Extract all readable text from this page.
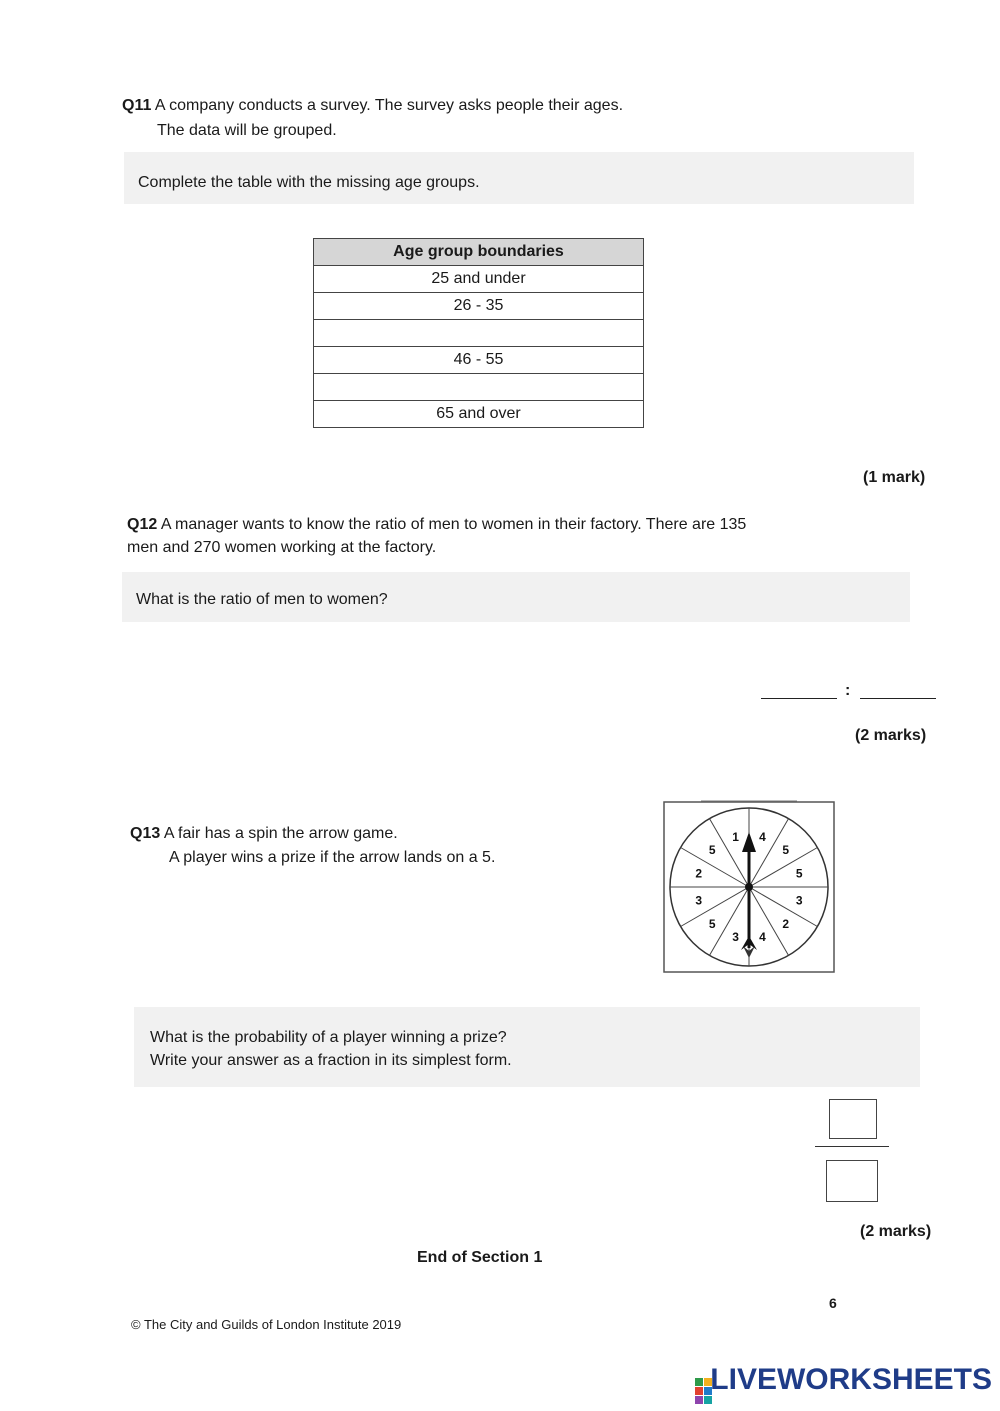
Q11 A company conducts a survey. The survey asks people their ages.
The data will be grouped.
Complete the table with the missing age groups.
Age group boundaries
25 and under
26 - 35

46 - 55

65 and over
(1 mark)
Q12 A manager wants to know the ratio of men to women in their factory. There are 135
men and 270 women working at the factory.
What is the ratio of men to women?
:
(2 marks)
Q13 A fair has a spin the arrow game.
A player wins a prize if the arrow lands on a 5.
4
5
5
3
2
4
3
5
3
2
5
1
What is the probability of a player winning a prize?
Write your answer as a fraction in its simplest form.
(2 marks)
End of Section 1
6
© The City and Guilds of London Institute 2019
LIVEWORKSHEETS
